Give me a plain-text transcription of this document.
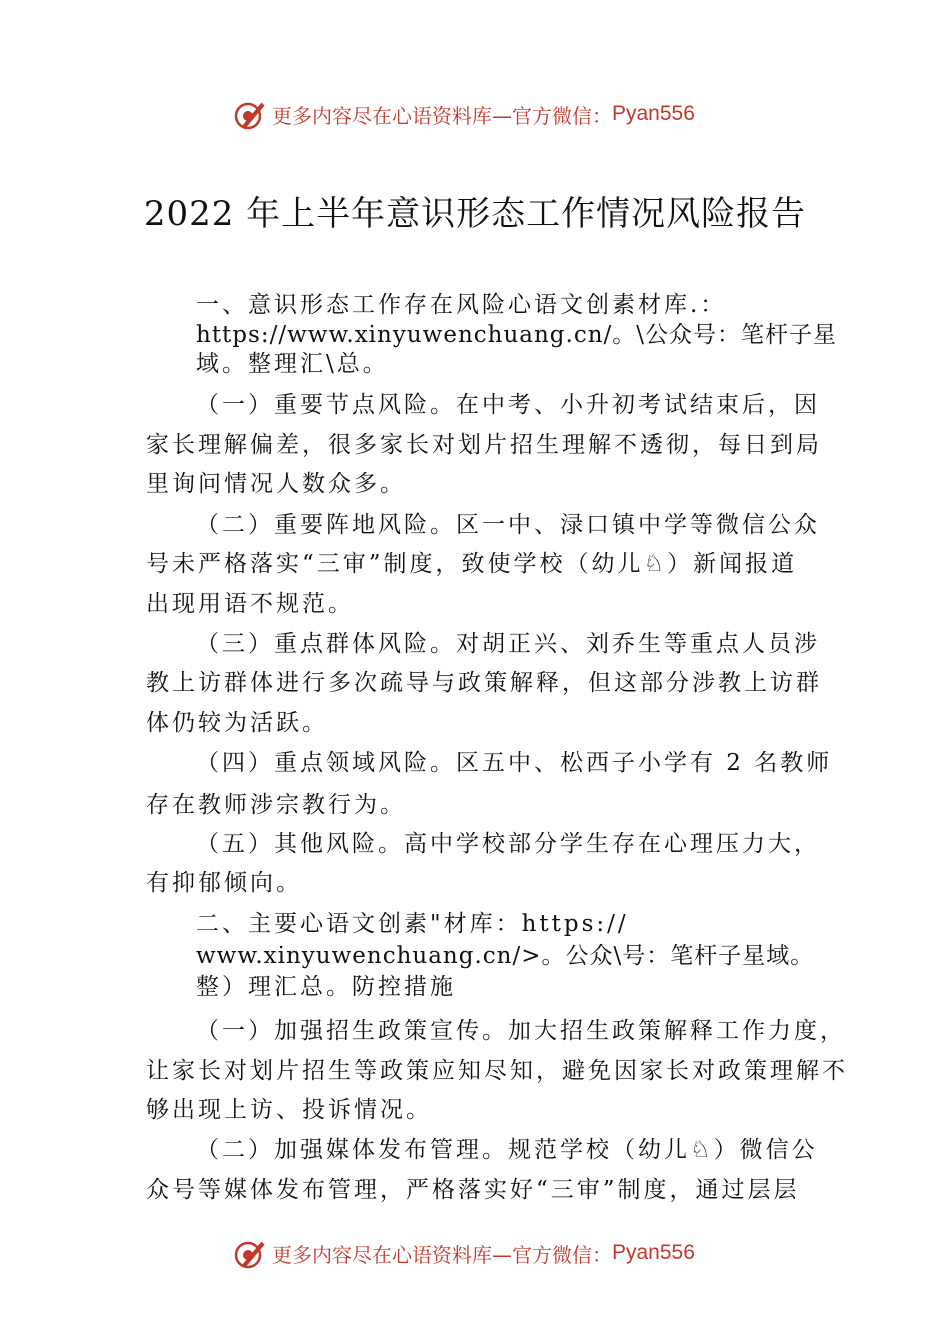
更多内容尽在心语资料库 —官方微信： Pyan556
2022 年上半年意识形态工作情况风险报告
一、意识形态工作存在风险心语文创素材库.：
https://www.xinyuwenchuang.cn/。\公众号：笔杆子星
域。整理汇\总。
（一）重要节点风险。在中考、小升初考试结束后，因
家长理解偏差，很多家长对划片招生理解不透彻，每日到局
里询问情况人数众多。
（二）重要阵地风险。区一中、渌口镇中学等微信公众
号未严格落实“三审”制度，致使学校（幼儿♘）新闻报道
出现用语不规范。
（三）重点群体风险。对胡正兴、刘乔生等重点人员涉
教上访群体进行多次疏导与政策解释，但这部分涉教上访群
体仍较为活跃。
（四）重点领域风险。区五中、松西子小学有 2 名教师
存在教师涉宗教行为。
（五）其他风险。高中学校部分学生存在心理压力大，
有抑郁倾向。
二、主要心语文创素"材库：https://
www.xinyuwenchuang.cn/>。公众\号：笔杆子星域。
整）理汇总。防控措施
（一）加强招生政策宣传。加大招生政策解释工作力度，
让家长对划片招生等政策应知尽知，避免因家长对政策理解不
够出现上访、投诉情况。
（二）加强媒体发布管理。规范学校（幼儿♘）微信公
众号等媒体发布管理，严格落实好“三审”制度，通过层层
更多内容尽在心语资料库 —官方微信： Pyan556
